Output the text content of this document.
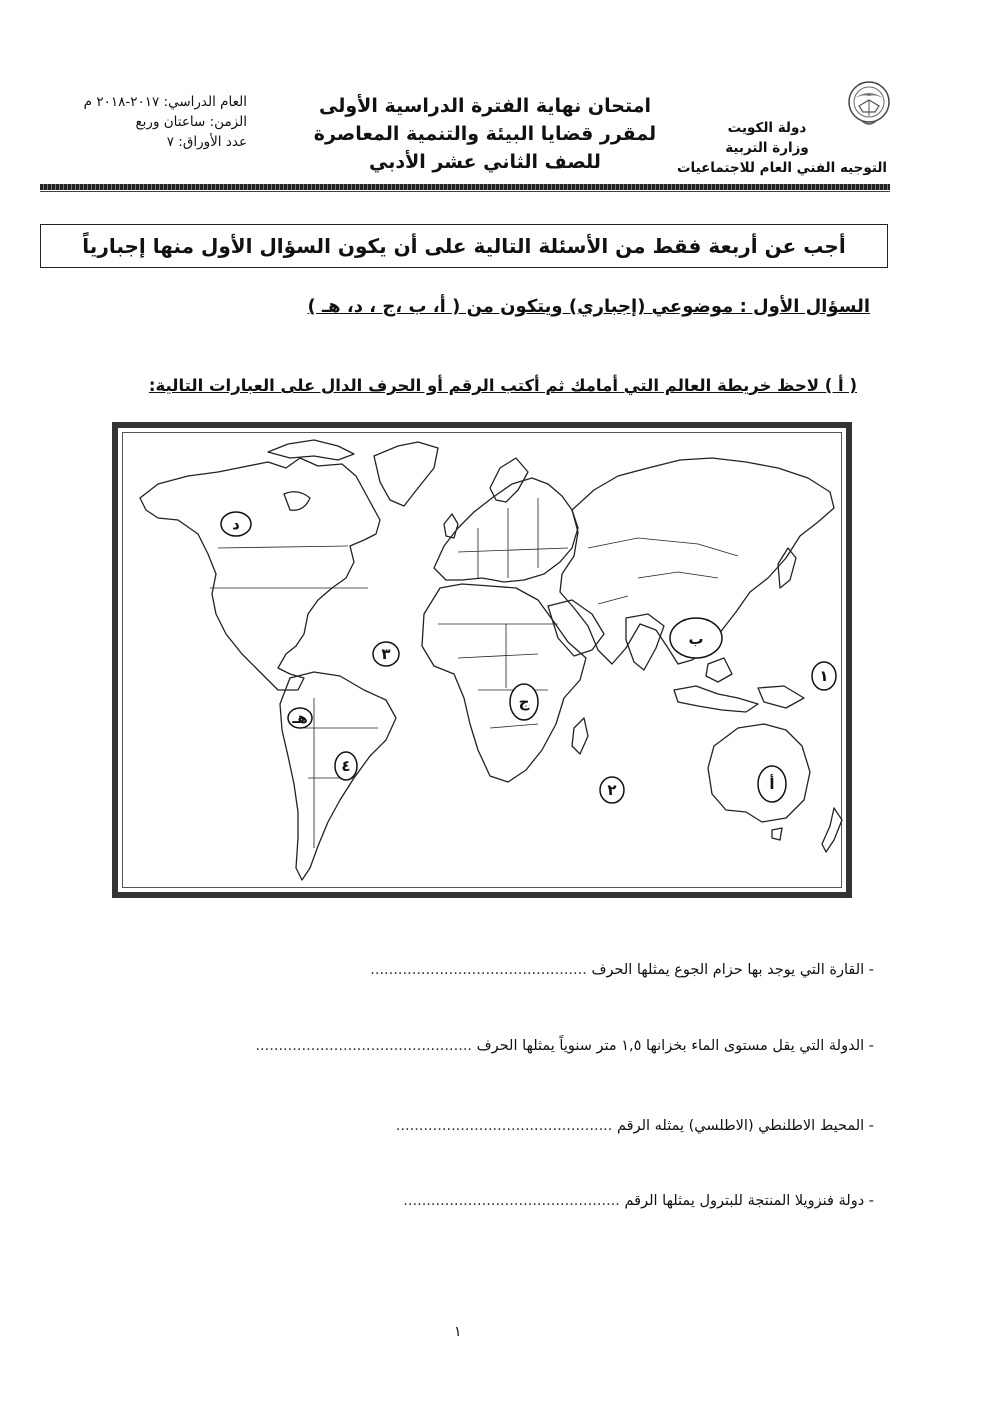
دولة الكويت
وزارة التربية
التوجيه الفني العام للاجتماعيات
امتحان نهاية الفترة الدراسية الأولى
لمقرر قضايا البيئة والتنمية المعاصرة
للصف الثاني عشر الأدبي
العام الدراسي: ٢٠١٧-٢٠١٨ م
الزمن: ساعتان وربع
عدد الأوراق: ٧
أجب عن أربعة فقط من الأسئلة التالية على أن يكون السؤال الأول منها إجبارياً
السؤال الأول : موضوعي (إجباري) ويتكون من ( أ، ب ،ج ، د، هـ )
( أ ) لاحظ خريطة العالم التي أمامك ثم أكتب الرقم أو الحرف الدال على العبارات التالية:
د
٣
ب
١
ج
هـ
٤
٢	أ
- القارة التي يوجد بها حزام الجوع يمثلها الحرف ...............................................
- الدولة التي يقل مستوى الماء بخزانها ١,٥ متر سنوياً يمثلها الحرف ...............................................
- المحيط الاطلنطي (الاطلسي) يمثله الرقم ...............................................
- دولة فنزويلا المنتجة للبترول يمثلها الرقم ...............................................
١
